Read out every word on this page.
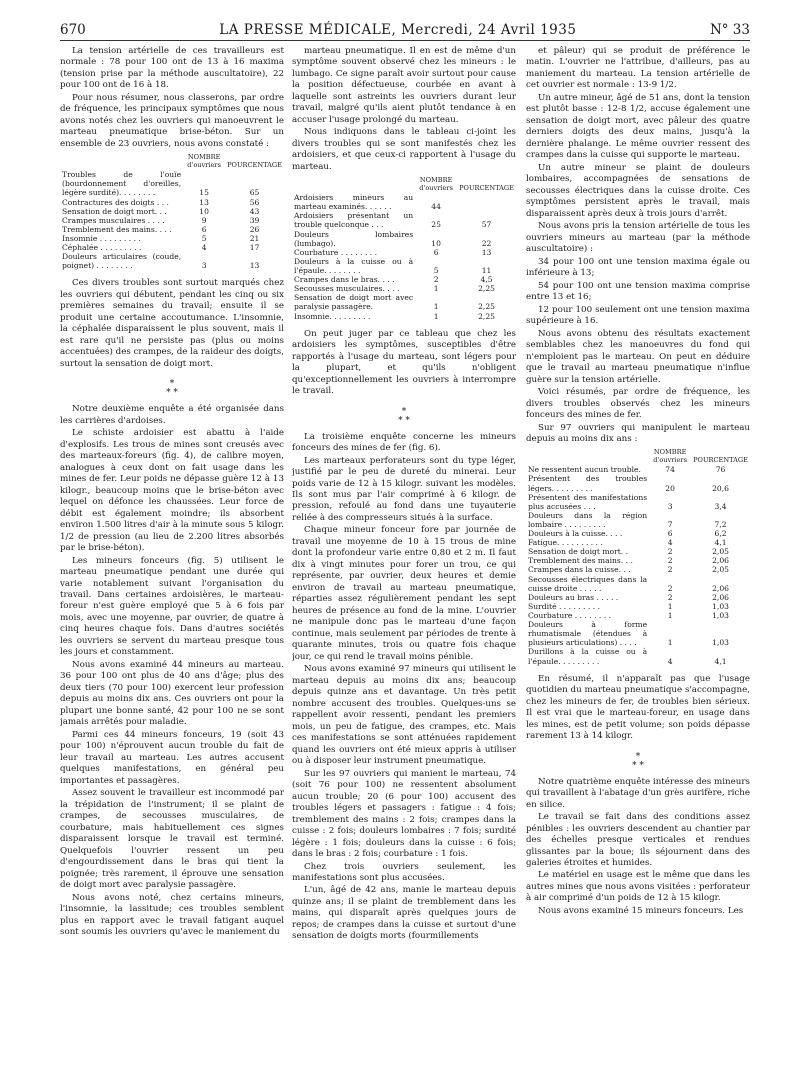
670	LA PRESSE MÉDICALE, Mercredi, 24 Avril 1935	N° 33

La tension artérielle de ces travailleurs est normale : 78 pour 100 ont de 13 à 16 maxima (tension prise par la méthode auscultatoire), 22 pour 100 ont de 16 à 18.

Pour nous résumer, nous classerons, par ordre de fréquence, les principaux symptômes que nous avons notés chez les ouvriers qui manoeuvrent le marteau pneumatique brise-béton. Sur un ensemble de 23 ouvriers, nous avons constaté :

	NOMBRE d'ouvriers	POURCENTAGE
Troubles de l'ouïe (bourdonnement d'oreilles, légère surdité). . . . . . . .	15	65
Contractures des doigts . . .	13	56
Sensation de doigt mort. . .	10	43
Crampes musculaires . . . .	9	39
Tremblement des mains. . . .	6	26
Insomnie . . . . . . . . .	5	21
Céphalée . . . . . . . . .	4	17
Douleurs articulaires (coude, poignet) . . . . . . . .	3	13

Ces divers troubles sont surtout marqués chez les ouvriers qui débutent, pendant les cinq ou six premières semaines du travail; ensuite il se produit une certaine accoutumance. L'insomnie, la céphalée disparaissent le plus souvent, mais il est rare qu'il ne persiste pas (plus ou moins accentuées) des crampes, de la raideur des doigts, surtout la sensation de doigt mort.

*
* *

Notre deuxième enquête a été organisée dans les carrières d'ardoises.

Le schiste ardoisier est abattu à l'aide d'explosifs. Les trous de mines sont creusés avec des marteaux-foreurs (fig. 4), de calibre moyen, analogues à ceux dont on fait usage dans les mines de fer. Leur poids ne dépasse guère 12 à 13 kilogr., beaucoup moins que le brise-béton avec lequel on défonce les chaussées. Leur force de débit est également moindre; ils absorbent environ 1.500 litres d'air à la minute sous 5 kilogr. 1/2 de pression (au lieu de 2.200 litres absorbés par le brise-béton).

Les mineurs fonceurs (fig. 5) utilisent le marteau pneumatique pendant une durée qui varie notablement suivant l'organisation du travail. Dans certaines ardoisières, le marteau-foreur n'est guère employé que 5 à 6 fois par mois, avec une moyenne, par ouvrier, de quatre à cinq heures chaque fois. Dans d'autres sociétés les ouvriers se servent du marteau presque tous les jours et constamment.

Nous avons examiné 44 mineurs au marteau. 36 pour 100 ont plus de 40 ans d'âge; plus des deux tiers (70 pour 100) exercent leur profession depuis au moins dix ans. Ces ouvriers ont pour la plupart une bonne santé, 42 pour 100 ne se sont jamais arrêtés pour maladie.

Parmi ces 44 mineurs fonceurs, 19 (soit 43 pour 100) n'éprouvent aucun trouble du fait de leur travail au marteau. Les autres accusent quelques manifestations, en général peu importantes et passagères.

Assez souvent le travailleur est incommodé par la trépidation de l'instrument; il se plaint de crampes, de secousses musculaires, de courbature, mais habituellement ces signes disparaissent lorsque le travail est terminé. Quelquefois l'ouvrier ressent un peu d'engourdissement dans le bras qui tient la poignée; très rarement, il éprouve une sensation de doigt mort avec paralysie passagère.

Nous avons noté, chez certains mineurs, l'insomnie, la lassitude; ces troubles semblent plus en rapport avec le travail fatigant auquel sont soumis les ouvriers qu'avec le maniement du

marteau pneumatique. Il en est de même d'un symptôme souvent observé chez les mineurs : le lumbago. Ce signe paraît avoir surtout pour cause la position défectueuse, courbée en avant à laquelle sont astreints les ouvriers durant leur travail, malgré qu'ils aient plutôt tendance à en accuser l'usage prolongé du marteau.

Nous indiquons dans le tableau ci-joint les divers troubles qui se sont manifestés chez les ardoisiers, et que ceux-ci rapportent à l'usage du marteau.

	NOMBRE d'ouvriers	POURCENTAGE
Ardoisiers mineurs au marteau examinés. . . . . .	44	
Ardoisiers présentant un trouble quelconque . . .	25	57
Douleurs lombaires (lumbago).	10	22
Courbature . . . . . . . .	6	13
Douleurs à la cuisse ou à l'épaule. . . . . . . .	5	11
Crampes dans le bras. . . .	2	4,5
Secousses musculaires. . . .	1	2,25
Sensation de doigt mort avec paralysie passagère.	1	2,25
Insomnie. . . . . . . . .	1	2,25

On peut juger par ce tableau que chez les ardoisiers les symptômes, susceptibles d'être rapportés à l'usage du marteau, sont légers pour la plupart, et qu'ils n'obligent qu'exceptionnellement les ouvriers à interrompre le travail.

*
* *

La troisième enquête concerne les mineurs fonceurs des mines de fer (fig. 6).

Les marteaux perforateurs sont du type léger, justifié par le peu de dureté du minerai. Leur poids varie de 12 à 15 kilogr. suivant les modèles. Ils sont mus par l'air comprimé à 6 kilogr. de pression, refoulé au fond dans une tuyauterie reliée à des compresseurs situés à la surface.

Chaque mineur fonceur fore par journée de travail une moyenne de 10 à 15 trous de mine dont la profondeur varie entre 0,80 et 2 m. Il faut dix à vingt minutes pour forer un trou, ce qui représente, par ouvrier, deux heures et demie environ de travail au marteau pneumatique, réparties assez régulièrement pendant les sept heures de présence au fond de la mine. L'ouvrier ne manipule donc pas le marteau d'une façon continue, mais seulement par périodes de trente à quarante minutes, trois ou quatre fois chaque jour, ce qui rend le travail moins pénible.

Nous avons examiné 97 mineurs qui utilisent le marteau depuis au moins dix ans; beaucoup depuis quinze ans et davantage. Un très petit nombre accusent des troubles. Quelques-uns se rappellent avoir ressenti, pendant les premiers mois, un peu de fatigue, des crampes, etc. Mais ces manifestations se sont atténuées rapidement quand les ouvriers ont été mieux appris à utiliser ou à disposer leur instrument pneumatique.

Sur les 97 ouvriers qui manient le marteau, 74 (soit 76 pour 100) ne ressentent absolument aucun trouble; 20 (6 pour 100) accusent des troubles légers et passagers : fatigue : 4 fois; tremblement des mains : 2 fois; crampes dans la cuisse : 2 fois; douleurs lombaires : 7 fois; surdité légère : 1 fois; douleurs dans la cuisse : 6 fois; dans le bras : 2 fois; courbature : 1 fois.

Chez trois ouvriers seulement, les manifestations sont plus accusées.

L'un, âgé de 42 ans, manie le marteau depuis quinze ans; il se plaint de tremblement dans les mains, qui disparaît après quelques jours de repos; de crampes dans la cuisse et surtout d'une sensation de doigts morts (fourmillements

et pâleur) qui se produit de préférence le matin. L'ouvrier ne l'attribue, d'ailleurs, pas au maniement du marteau. La tension artérielle de cet ouvrier est normale : 13-9 1/2.

Un autre mineur, âgé de 51 ans, dont la tension est plutôt basse : 12-8 1/2, accuse également une sensation de doigt mort, avec pâleur des quatre derniers doigts des deux mains, jusqu'à la dernière phalange. Le même ouvrier ressent des crampes dans la cuisse qui supporte le marteau.

Un autre mineur se plaint de douleurs lombaires, accompagnées de sensations de secousses électriques dans la cuisse droite. Ces symptômes persistent après le travail, mais disparaissent après deux à trois jours d'arrêt.

Nous avons pris la tension artérielle de tous les ouvriers mineurs au marteau (par la méthode auscultatoire) :

34 pour 100 ont une tension maxima égale ou inférieure à 13;

54 pour 100 ont une tension maxima comprise entre 13 et 16;

12 pour 100 seulement ont une tension maxima supérieure à 16.

Nous avons obtenu des résultats exactement semblables chez les manoeuvres du fond qui n'emploient pas le marteau. On peut en déduire que le travail au marteau pneumatique n'influe guère sur la tension artérielle.

Voici résumés, par ordre de fréquence, les divers troubles observés chez les mineurs fonceurs des mines de fer.

Sur 97 ouvriers qui manipulent le marteau depuis au moins dix ans :

	NOMBRE d'ouvriers	POURCENTAGE
Ne ressentent aucun trouble.	74	76
Présentent des troubles légers. . . . . . . . .	20	20,6
Présentent des manifestations plus accusées . . .	3	3,4
Douleurs dans la région lombaire . . . . . . . . .	7	7,2
Douleurs à la cuisse. . . .	6	6,2
Fatigue. . . . . . . . . .	4	4,1
Sensation de doigt mort. .	2	2,05
Tremblement des mains. . .	2	2,06
Crampes dans la cuisse. . .	2	2,05
Secousses électriques dans la cuisse droite . . . . .	2	2,06
Douleurs au bras . . . . .	2	2,06
Surdité . . . . . . . . .	1	1,03
Courbature . . . . . . . .	1	1,03
Douleurs à forme rhumatismale (étendues à plusieurs articulations) . . . .	1	1,03
Durillons à la cuisse ou à l'épaule. . . . . . . . .	4	4,1

En résumé, il n'apparaît pas que l'usage quotidien du marteau pneumatique s'accompagne, chez les mineurs de fer, de troubles bien sérieux. Il est vrai que le marteau-foreur, en usage dans les mines, est de petit volume; son poids dépasse rarement 13 à 14 kilogr.

*
* *

Notre quatrième enquête intéresse des mineurs qui travaillent à l'abatage d'un grès aurifère, riche en silice.

Le travail se fait dans des conditions assez pénibles : les ouvriers descendent au chantier par des échelles presque verticales et rendues glissantes par la boue; ils séjournent dans des galeries étroites et humides.

Le matériel en usage est le même que dans les autres mines que nous avons visitées : perforateur à air comprimé d'un poids de 12 à 15 kilogr.

Nous avons examiné 15 mineurs fonceurs. Les
